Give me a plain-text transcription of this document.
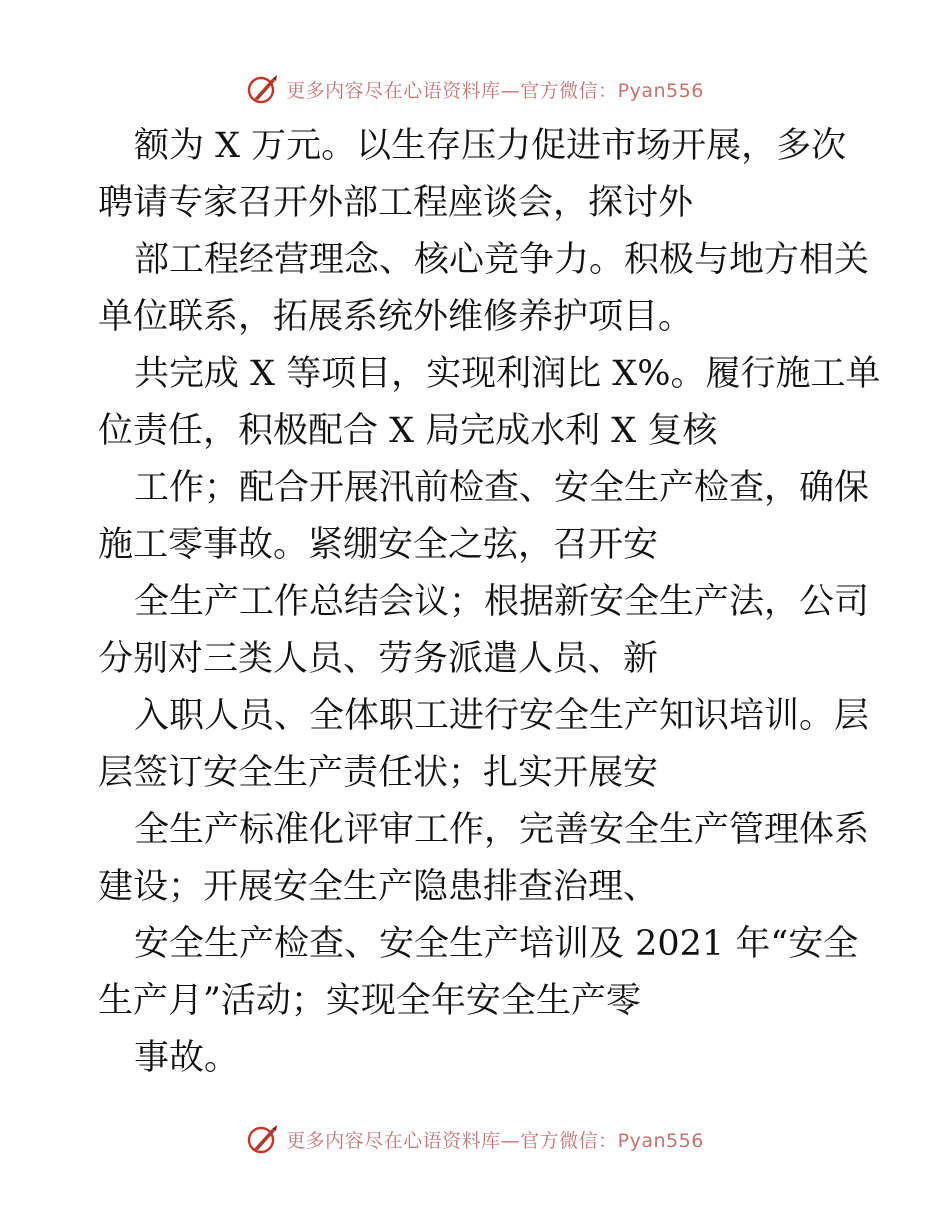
更多内容尽在心语资料库—官方微信：Pyan556

额为 X 万元。以生存压力促进市场开展，多次
聘请专家召开外部工程座谈会，探讨外

部工程经营理念、核心竞争力。积极与地方相关
单位联系，拓展系统外维修养护项目。

共完成 X 等项目，实现利润比 X%。履行施工单
位责任，积极配合 X 局完成水利 X 复核

工作；配合开展汛前检查、安全生产检查，确保
施工零事故。紧绷安全之弦，召开安

全生产工作总结会议；根据新安全生产法，公司
分别对三类人员、劳务派遣人员、新

入职人员、全体职工进行安全生产知识培训。层
层签订安全生产责任状；扎实开展安

全生产标准化评审工作，完善安全生产管理体系
建设；开展安全生产隐患排查治理、

安全生产检查、安全生产培训及 2021 年“安全
生产月”活动；实现全年安全生产零

事故。

更多内容尽在心语资料库—官方微信：Pyan556
